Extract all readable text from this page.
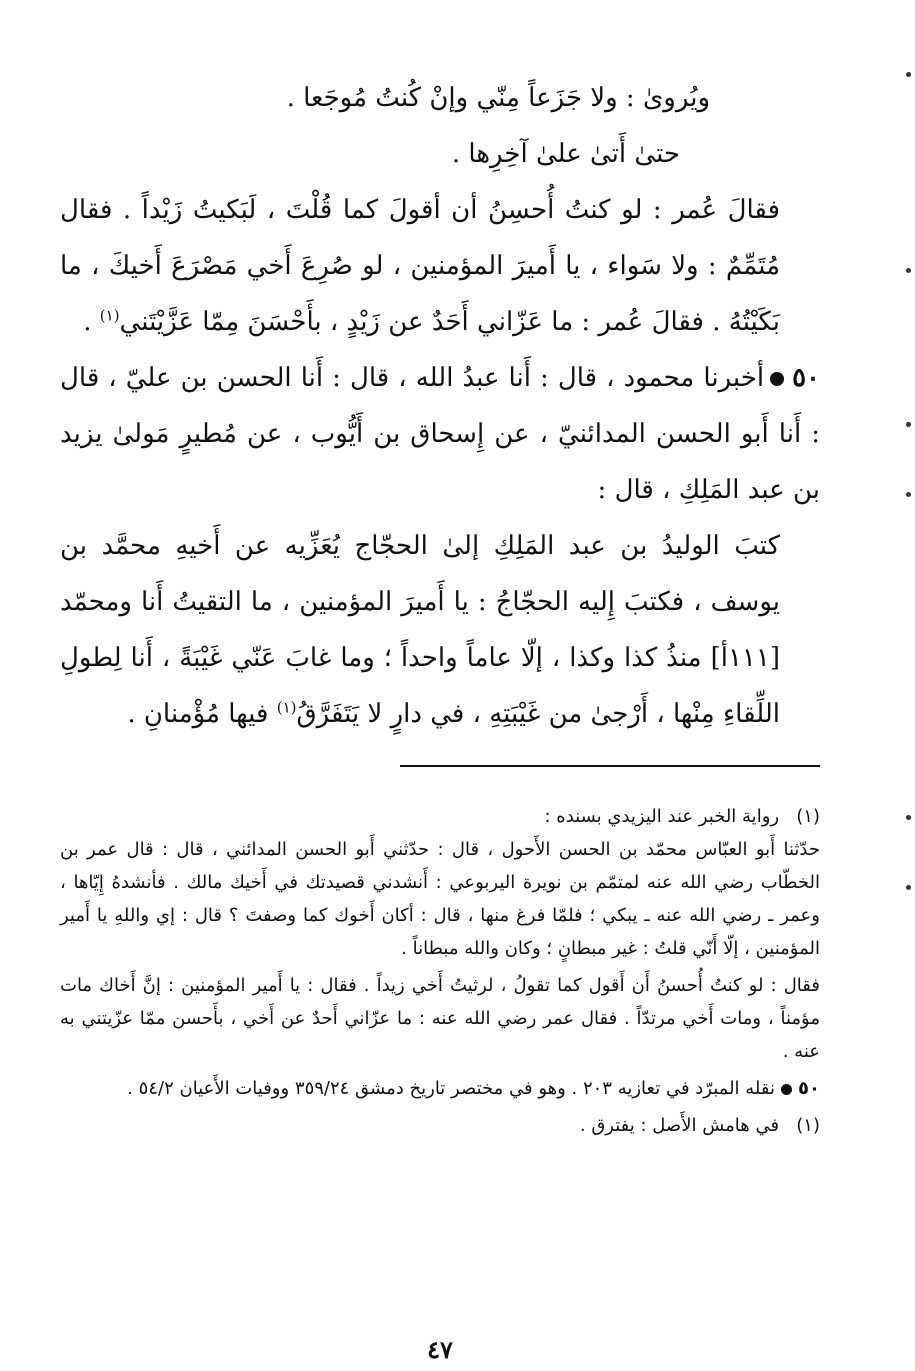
ويُروىٰ : ولا جَزَعاً مِنّي وإنْ كُنتُ مُوجَعا .

حتىٰ أَتىٰ علىٰ آخِرِها .

فقالَ عُمر : لو كنتُ أُحسِنُ أن أقولَ كما قُلْتَ ، لَبَكيتُ زَيْداً . فقال مُتَمِّمٌ : ولا سَواء ، يا أَميرَ المؤمنين ، لو صُرِعَ أَخي مَصْرَعَ أَخيكَ ، ما بَكَيْتُهُ . فقالَ عُمر : ما عَزّاني أَحَدٌ عن زَيْدٍ ، بأَحْسَنَ مِمّا عَزَّيْتَني$^{(١)}$ .

٥٠أخبرنا محمود ، قال : أَنا عبدُ الله ، قال : أَنا الحسن بن عليّ ، قال : أَنا أَبو الحسن المدائنيّ ، عن إِسحاق بن أَيُّوب ، عن مُطيرٍ مَولىٰ يزيد بن عبد المَلِكِ ، قال :

كتبَ الوليدُ بن عبد المَلِكِ إلىٰ الحجّاج يُعَزِّيه عن أَخيهِ محمَّد بن يوسف ، فكتبَ إِليه الحجّاجُ : يا أَميرَ المؤمنين ، ما التقيتُ أَنا ومحمّد [١١١أ] منذُ كذا وكذا ، إلّا عاماً واحداً ؛ وما غابَ عَنّي غَيْبَةً ، أَنا لِطولِ اللِّقاءِ مِنْها ، أَرْجىٰ من غَيْبَتِهِ ، في دارٍ لا يَتَفَرَّقُ$^{(١)}$ فيها مُؤْمنانِ .

(١)   رواية الخبر عند اليزيدي بسنده :

حدّثنا أَبو العبّاس محمّد بن الحسن الأَحول ، قال : حدّثني أَبو الحسن المدائني ، قال : قال عمر بن الخطّاب رضي الله عنه لمتمّم بن نويرة اليربوعي : أَنشدني قصيدتك في أَخيك مالك . فأنشدهُ إِيّاها ، وعمر ـ رضي الله عنه ـ يبكي ؛ فلمّا فرغ منها ، قال : أكان أَخوك كما وصفتَ ؟ قال : إي واللهِ يا أَمير المؤمنين ، إلّا أَنّي قلتُ : غير مبطانٍ ؛ وكان والله مبطاناً .

فقال : لو كنتُ أُحسنُ أَن أَقول كما تقولُ ، لرثيتُ أَخي زيداً . فقال : يا أَمير المؤمنين : إنَّ أَخاك مات مؤمناً ، ومات أَخي مرتدّاً . فقال عمر رضي الله عنه : ما عزّاني أَحدٌ عن أَخي ، بأَحسن ممّا عزّيتني به عنه .

٥٠نقله المبرّد في تعازيه ٢٠٣ . وهو في مختصر تاريخ دمشق ٣٥٩/٢٤ ووفيات الأَعيان ٥٤/٢ .

(١)   في هامش الأَصل : يفترق .

٤٧
